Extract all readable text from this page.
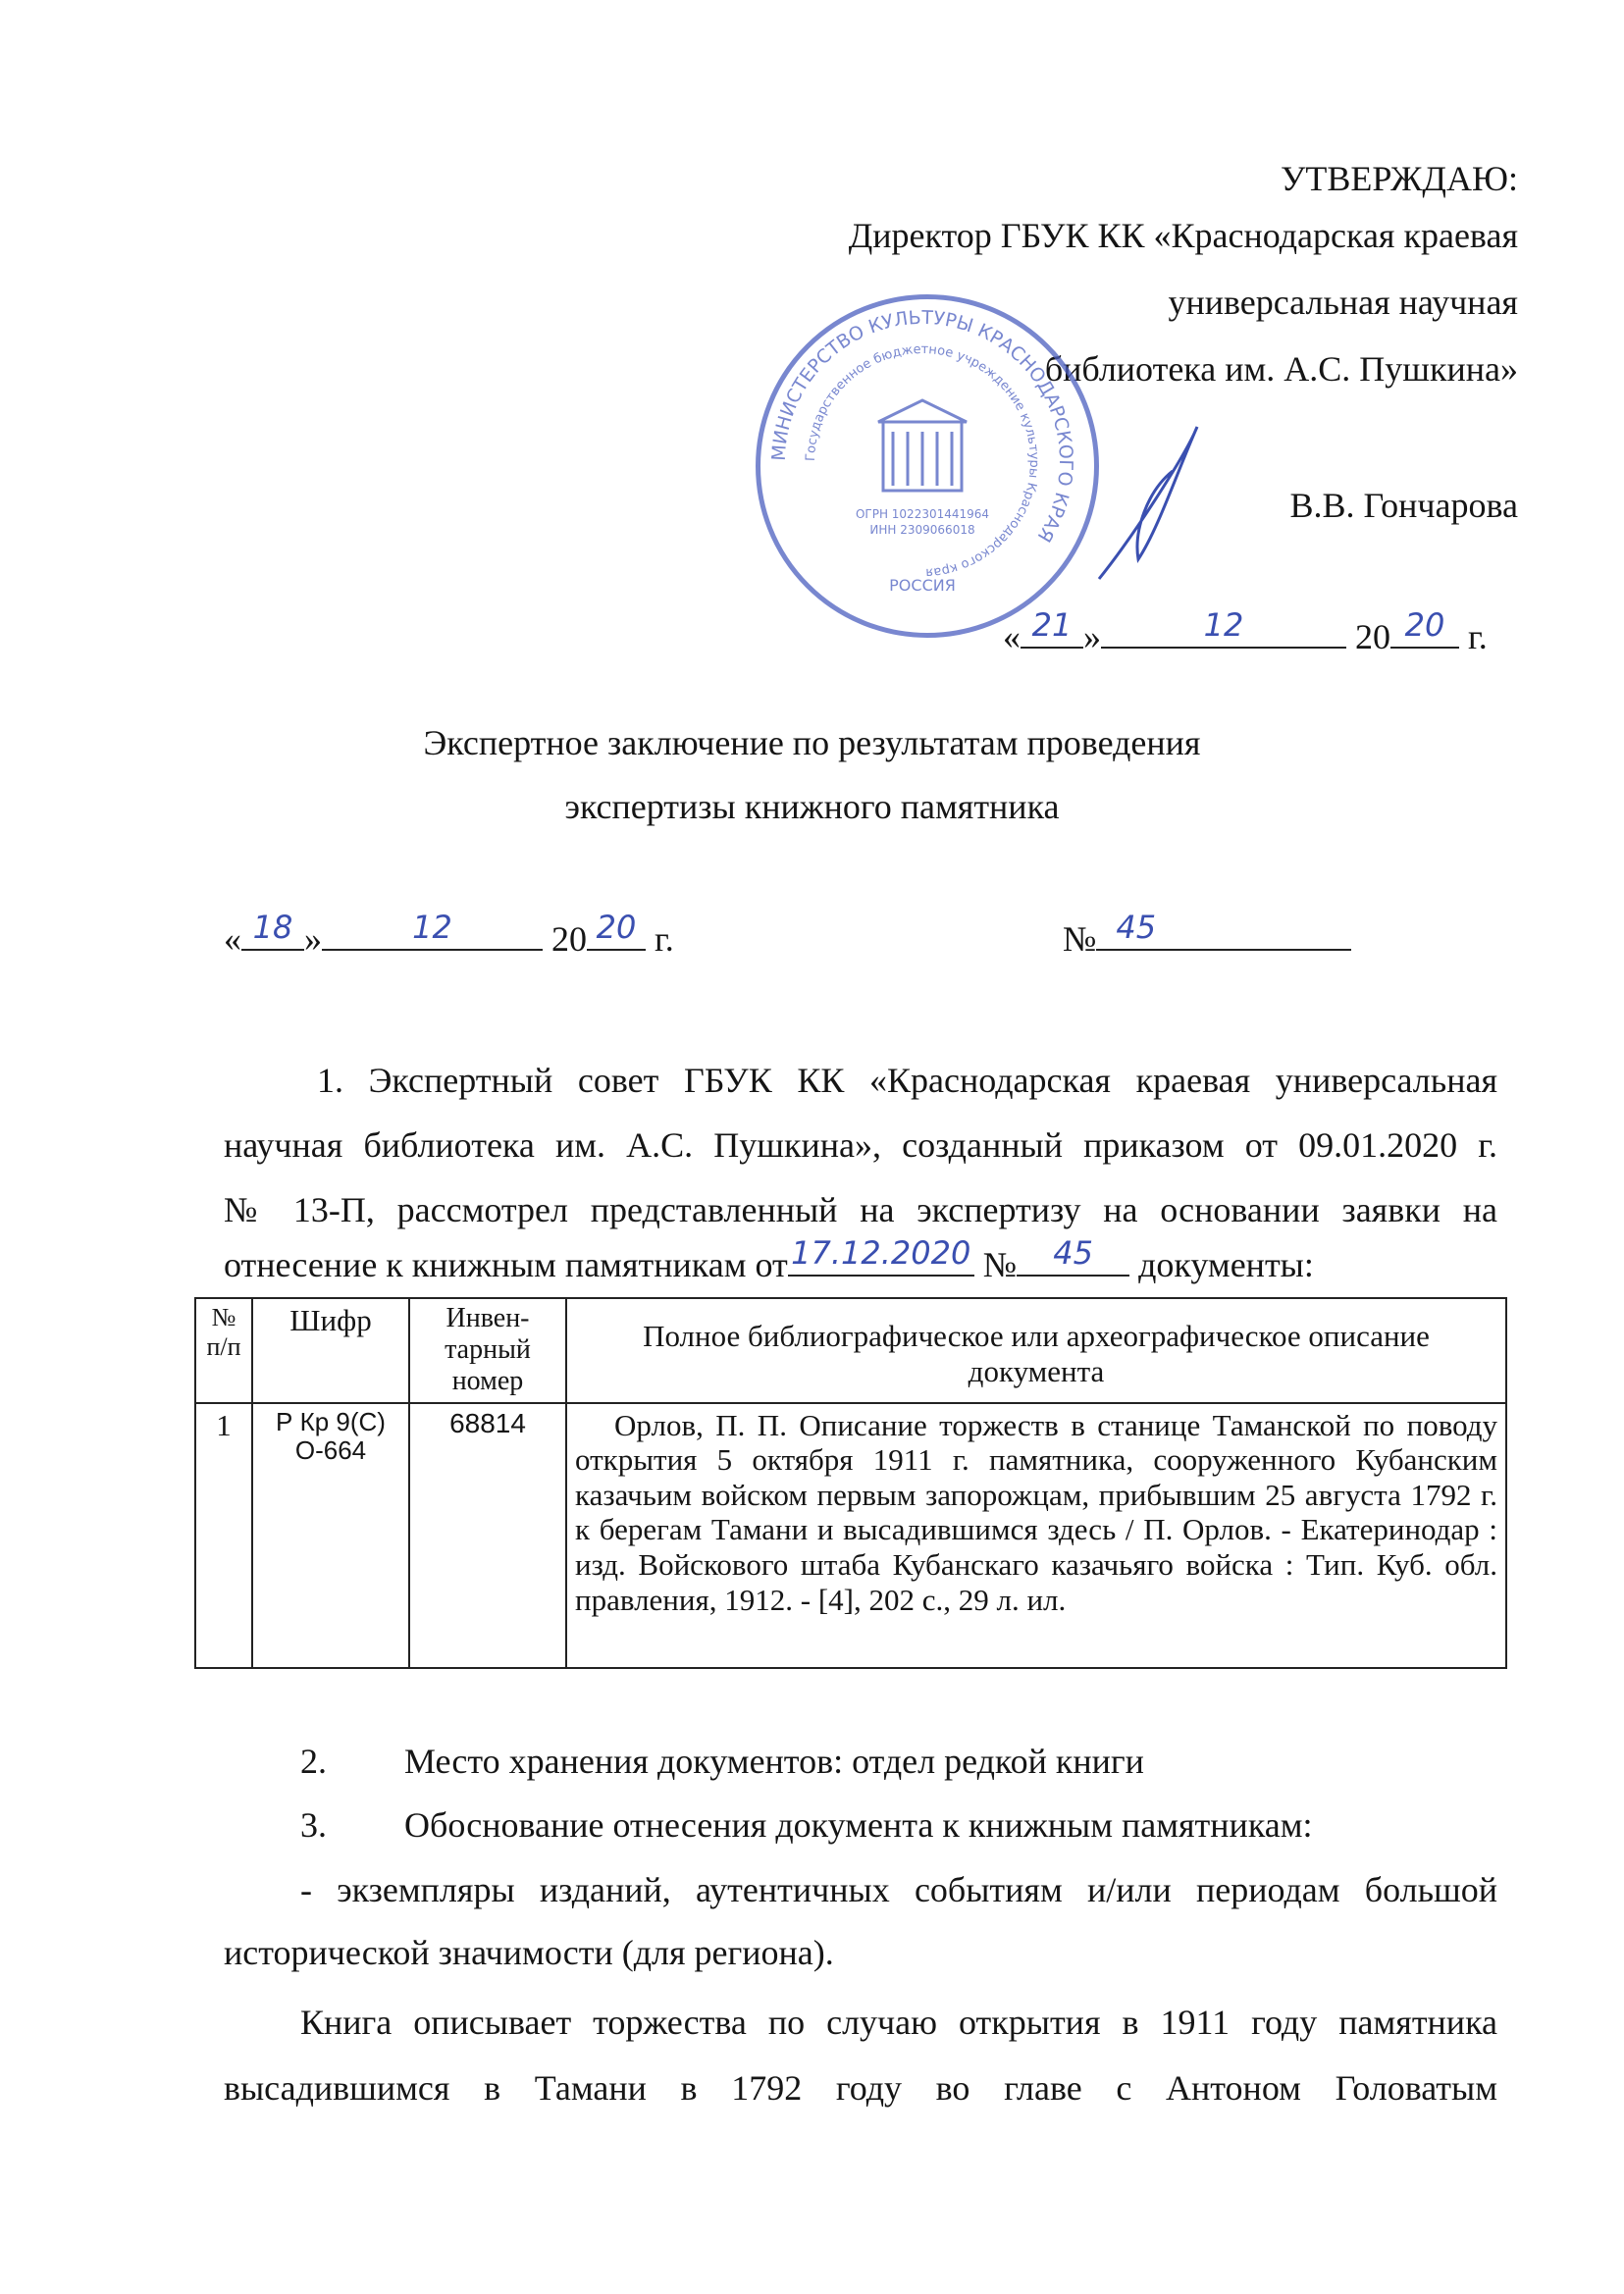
УТВЕРЖДАЮ:
Директор ГБУК КК «Краснодарская краевая
универсальная научная
библиотека им. А.С. Пушкина»
МИНИСТЕРСТВО КУЛЬТУРЫ КРАСНОДАРСКОГО КРАЯ
Государственное бюджетное учреждение культуры Краснодарского края
ОГРН 1022301441964
ИНН 2309066018
РОССИЯ
В.В. Гончарова
« 21 »	12	20 20 г.
Экспертное заключение по результатам проведения
экспертизы книжного памятника
« 18 »	12	20 20 г.	№ 45
1. Экспертный совет ГБУК КК «Краснодарская краевая универсальная
научная библиотека им. А.С. Пушкина», созданный приказом от 09.01.2020 г.
№ 13-П, рассмотрел представленный на экспертизу на основании заявки на
отнесение к книжным памятникам от 17.12.2020 №	45	документы:
№ п/п	Шифр	Инвен-тарный номер	Полное библиографическое или археографическое описание документа
1	Р Кр 9(С) О-664	68814	Орлов, П. П. Описание торжеств в станице Таманской по поводу открытия 5 октября 1911 г. памятника, сооруженного Кубанским казачьим войском первым запорожцам, прибывшим 25 августа 1792 г. к берегам Тамани и высадившимся здесь / П. Орлов. - Екатеринодар : изд. Войскового штаба Кубанскаго казачьяго войска : Тип. Куб. обл. правления, 1912. - [4], 202 с., 29 л. ил.
2. Место хранения документов: отдел редкой книги
3. Обоснование отнесения документа к книжным памятникам:
- экземпляры изданий, аутентичных событиям и/или периодам большой
исторической значимости (для региона).
Книга описывает торжества по случаю открытия в 1911 году памятника
высадившимся в Тамани в 1792 году во главе с Антоном Головатым
